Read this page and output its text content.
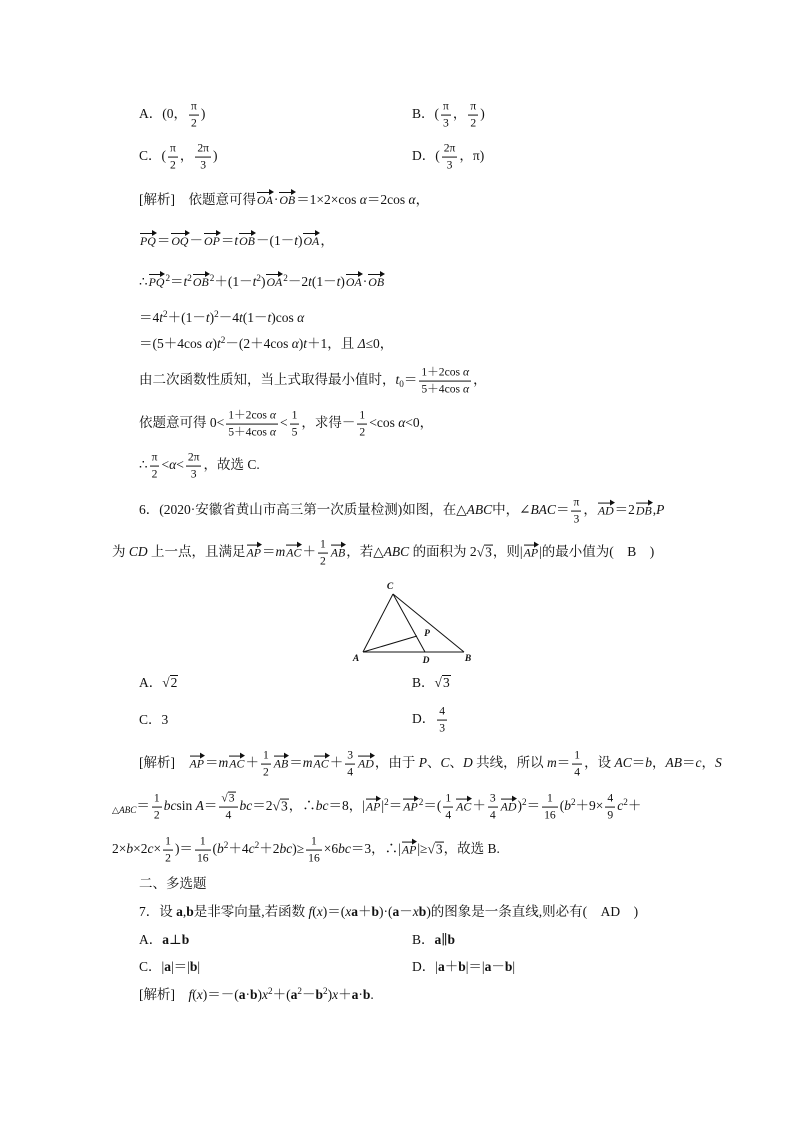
A．(0， $\frac{\pi}{2}$ )	B．( $\frac{\pi}{3}$ ， $\frac{\pi}{2}$ )
C．( $\frac{\pi}{2}$ ， $\frac{2\pi}{3}$ )	D．( $\frac{2\pi}{3}$ ，π)
[解析]　依题意可得OA·OB＝1×2×cos α＝2cos α，
PQ＝OQ－OP＝tOB－(1－t)OA，
$\therefore PQ^2=t^2OB^2+(1-t^2)OA^2-2t(1-t)OA\cdot OB$
$=4t^2+(1-t)^2-4t(1-t)\cos$ α
＝(5＋4cos $\alpha)t^2-(2+4\cos$ α)t＋1，且 Δ≤0，
由二次函数性质知，当上式取得最小值时，$t_0= \frac{\text{1＋2cos α}}{\text{5＋4cos α}}$ ，
依题意可得 $0< \frac{\text{1＋2cos α}}{\text{5＋4cos α}} < \frac{1}{5}$ ，求得－ $\frac{1}{2} <\cos$ α<0，
∴ $\frac{\pi}{2} <\alpha< \frac{2\pi}{3}$ ，故选 C.
6．(2020·安徽省黄山市高三第一次质量检测)如图，在△ABC中，∠BAC＝ $\frac{\pi}{3}$ ，AD＝2DB,P
为 CD 上一点，且满足$AP=mAC+ \frac{1}{2}$ AB，若△ABC 的面积为 2√ 3，则|AP|的最小值为(　B　)
C
P
A	D	B
A．√ 2	B．√ 3
C．3	D． $\frac{4}{3}$
[解析]　$AP=mAC+ \frac{1}{2} AB=mAC+ \frac{3}{4}$ AD，由于 P、C、D 共线，所以 $m= \frac{1}{4}$ ，设 AC＝b，AB＝c，S
$_{\triangle ABC}= \frac{1}{2}$ bcsin A＝
√ $\frac{3}{4} bc=2√$ 3，∴bc＝8，$|AP|^2=AP^2=( \frac{1}{4} AC+ \frac{3}{4} AD)^2= \frac{1}{16} (b^2+9\times \frac{4}{9} c^2+$
$2\times b\times 2c\times \frac{1}{2}$ )＝ $\frac{1}{16} (b^2+4c^2+2bc)\ge \frac{1}{16} \times 6bc=3$，∴|AP|≥√ 3，故选 B.
二、多选题
7．设 a,b是非零向量,若函数 f(x)＝(xa＋b)·(a－xb)的图象是一条直线,则必有(　AD　)
A．a⊥b	B．a∥b
C．|a|＝|b|	D．|a＋b|＝|a－b|
[解析]　$f(x)=-(a\cdot b)x^2+(a^2-b^2)x+a\cdot b$.
